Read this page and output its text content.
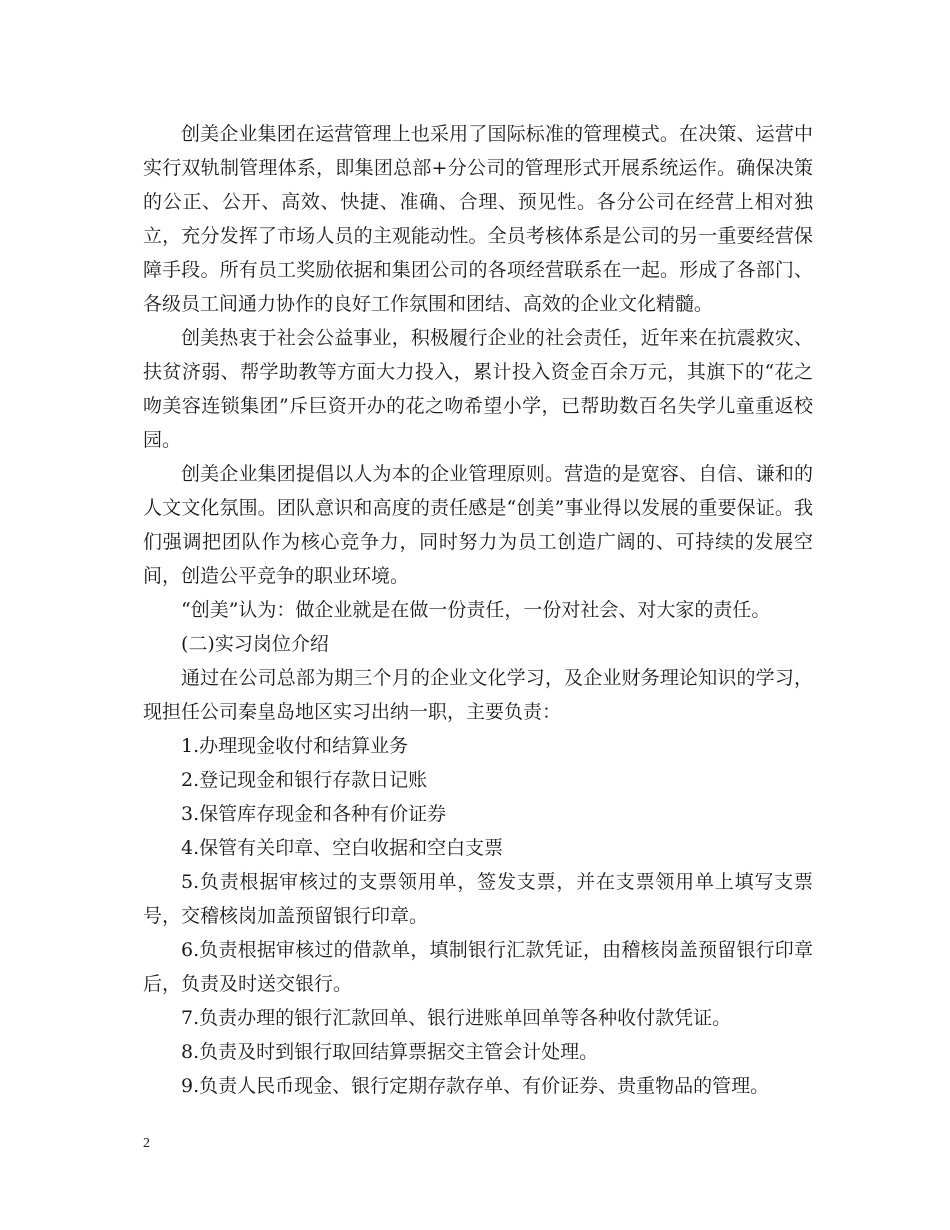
创美企业集团在运营管理上也采用了国际标准的管理模式。在决策、运营中实行双轨制管理体系，即集团总部+分公司的管理形式开展系统运作。确保决策的公正、公开、高效、快捷、准确、合理、预见性。各分公司在经营上相对独立，充分发挥了市场人员的主观能动性。全员考核体系是公司的另一重要经营保障手段。所有员工奖励依据和集团公司的各项经营联系在一起。形成了各部门、各级员工间通力协作的良好工作氛围和团结、高效的企业文化精髓。

创美热衷于社会公益事业，积极履行企业的社会责任，近年来在抗震救灾、扶贫济弱、帮学助教等方面大力投入，累计投入资金百余万元，其旗下的“花之吻美容连锁集团”斥巨资开办的花之吻希望小学，已帮助数百名失学儿童重返校园。

创美企业集团提倡以人为本的企业管理原则。营造的是宽容、自信、谦和的人文文化氛围。团队意识和高度的责任感是“创美”事业得以发展的重要保证。我们强调把团队作为核心竞争力，同时努力为员工创造广阔的、可持续的发展空间，创造公平竞争的职业环境。

“创美”认为：做企业就是在做一份责任，一份对社会、对大家的责任。

(二)实习岗位介绍

通过在公司总部为期三个月的企业文化学习，及企业财务理论知识的学习，现担任公司秦皇岛地区实习出纳一职，主要负责：

1.办理现金收付和结算业务

2.登记现金和银行存款日记账

3.保管库存现金和各种有价证券

4.保管有关印章、空白收据和空白支票

5.负责根据审核过的支票领用单，签发支票，并在支票领用单上填写支票号，交稽核岗加盖预留银行印章。

6.负责根据审核过的借款单，填制银行汇款凭证，由稽核岗盖预留银行印章后，负责及时送交银行。

7.负责办理的银行汇款回单、银行进账单回单等各种收付款凭证。

8.负责及时到银行取回结算票据交主管会计处理。

9.负责人民币现金、银行定期存款存单、有价证券、贵重物品的管理。

2
